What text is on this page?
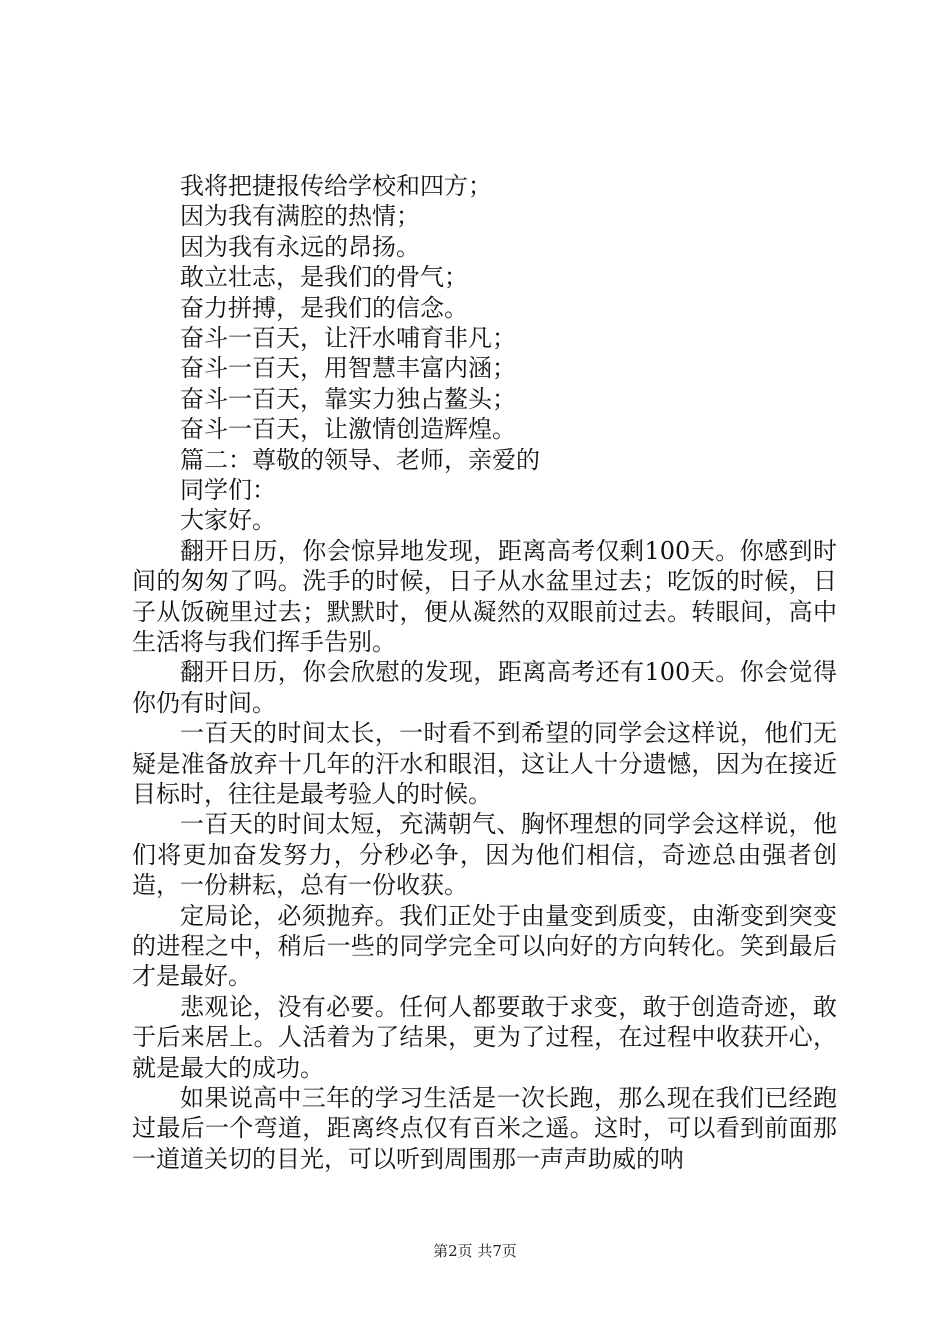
我将把捷报传给学校和四方；
因为我有满腔的热情；
因为我有永远的昂扬。
敢立壮志，是我们的骨气；
奋力拼搏，是我们的信念。
奋斗一百天，让汗水哺育非凡；
奋斗一百天，用智慧丰富内涵；
奋斗一百天，靠实力独占鳌头；
奋斗一百天，让激情创造辉煌。
篇二：尊敬的领导、老师，亲爱的
同学们：
大家好。

翻开日历，你会惊异地发现，距离高考仅剩100天。你感到时间的匆匆了吗。洗手的时候，日子从水盆里过去；吃饭的时候，日子从饭碗里过去；默默时，便从凝然的双眼前过去。转眼间，高中生活将与我们挥手告别。

翻开日历，你会欣慰的发现，距离高考还有100天。你会觉得你仍有时间。

一百天的时间太长，一时看不到希望的同学会这样说，他们无疑是准备放弃十几年的汗水和眼泪，这让人十分遗憾，因为在接近目标时，往往是最考验人的时候。

一百天的时间太短，充满朝气、胸怀理想的同学会这样说，他们将更加奋发努力，分秒必争，因为他们相信，奇迹总由强者创造，一份耕耘，总有一份收获。

定局论，必须抛弃。我们正处于由量变到质变，由渐变到突变的进程之中，稍后一些的同学完全可以向好的方向转化。笑到最后才是最好。

悲观论，没有必要。任何人都要敢于求变，敢于创造奇迹，敢于后来居上。人活着为了结果，更为了过程，在过程中收获开心，就是最大的成功。

如果说高中三年的学习生活是一次长跑，那么现在我们已经跑过最后一个弯道，距离终点仅有百米之遥。这时，可以看到前面那一道道关切的目光，可以听到周围那一声声助威的呐

第2页 共7页
